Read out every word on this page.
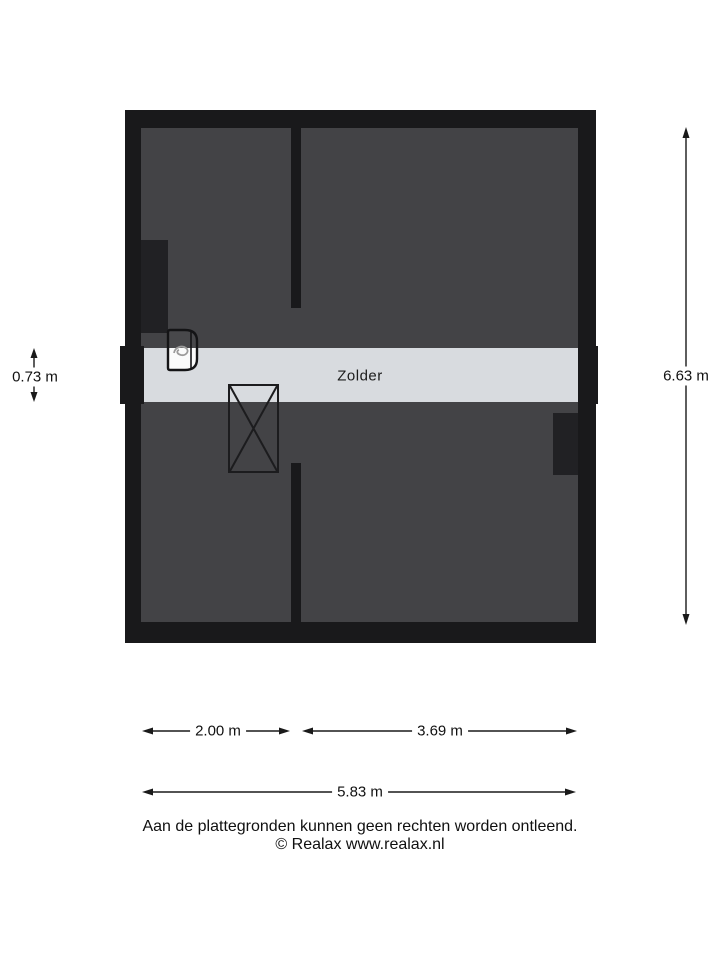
Zolder
0.73 m	6.63 m
2.00 m	3.69 m
5.83 m
Aan de plattegronden kunnen geen rechten worden ontleend.
© Realax www.realax.nl
